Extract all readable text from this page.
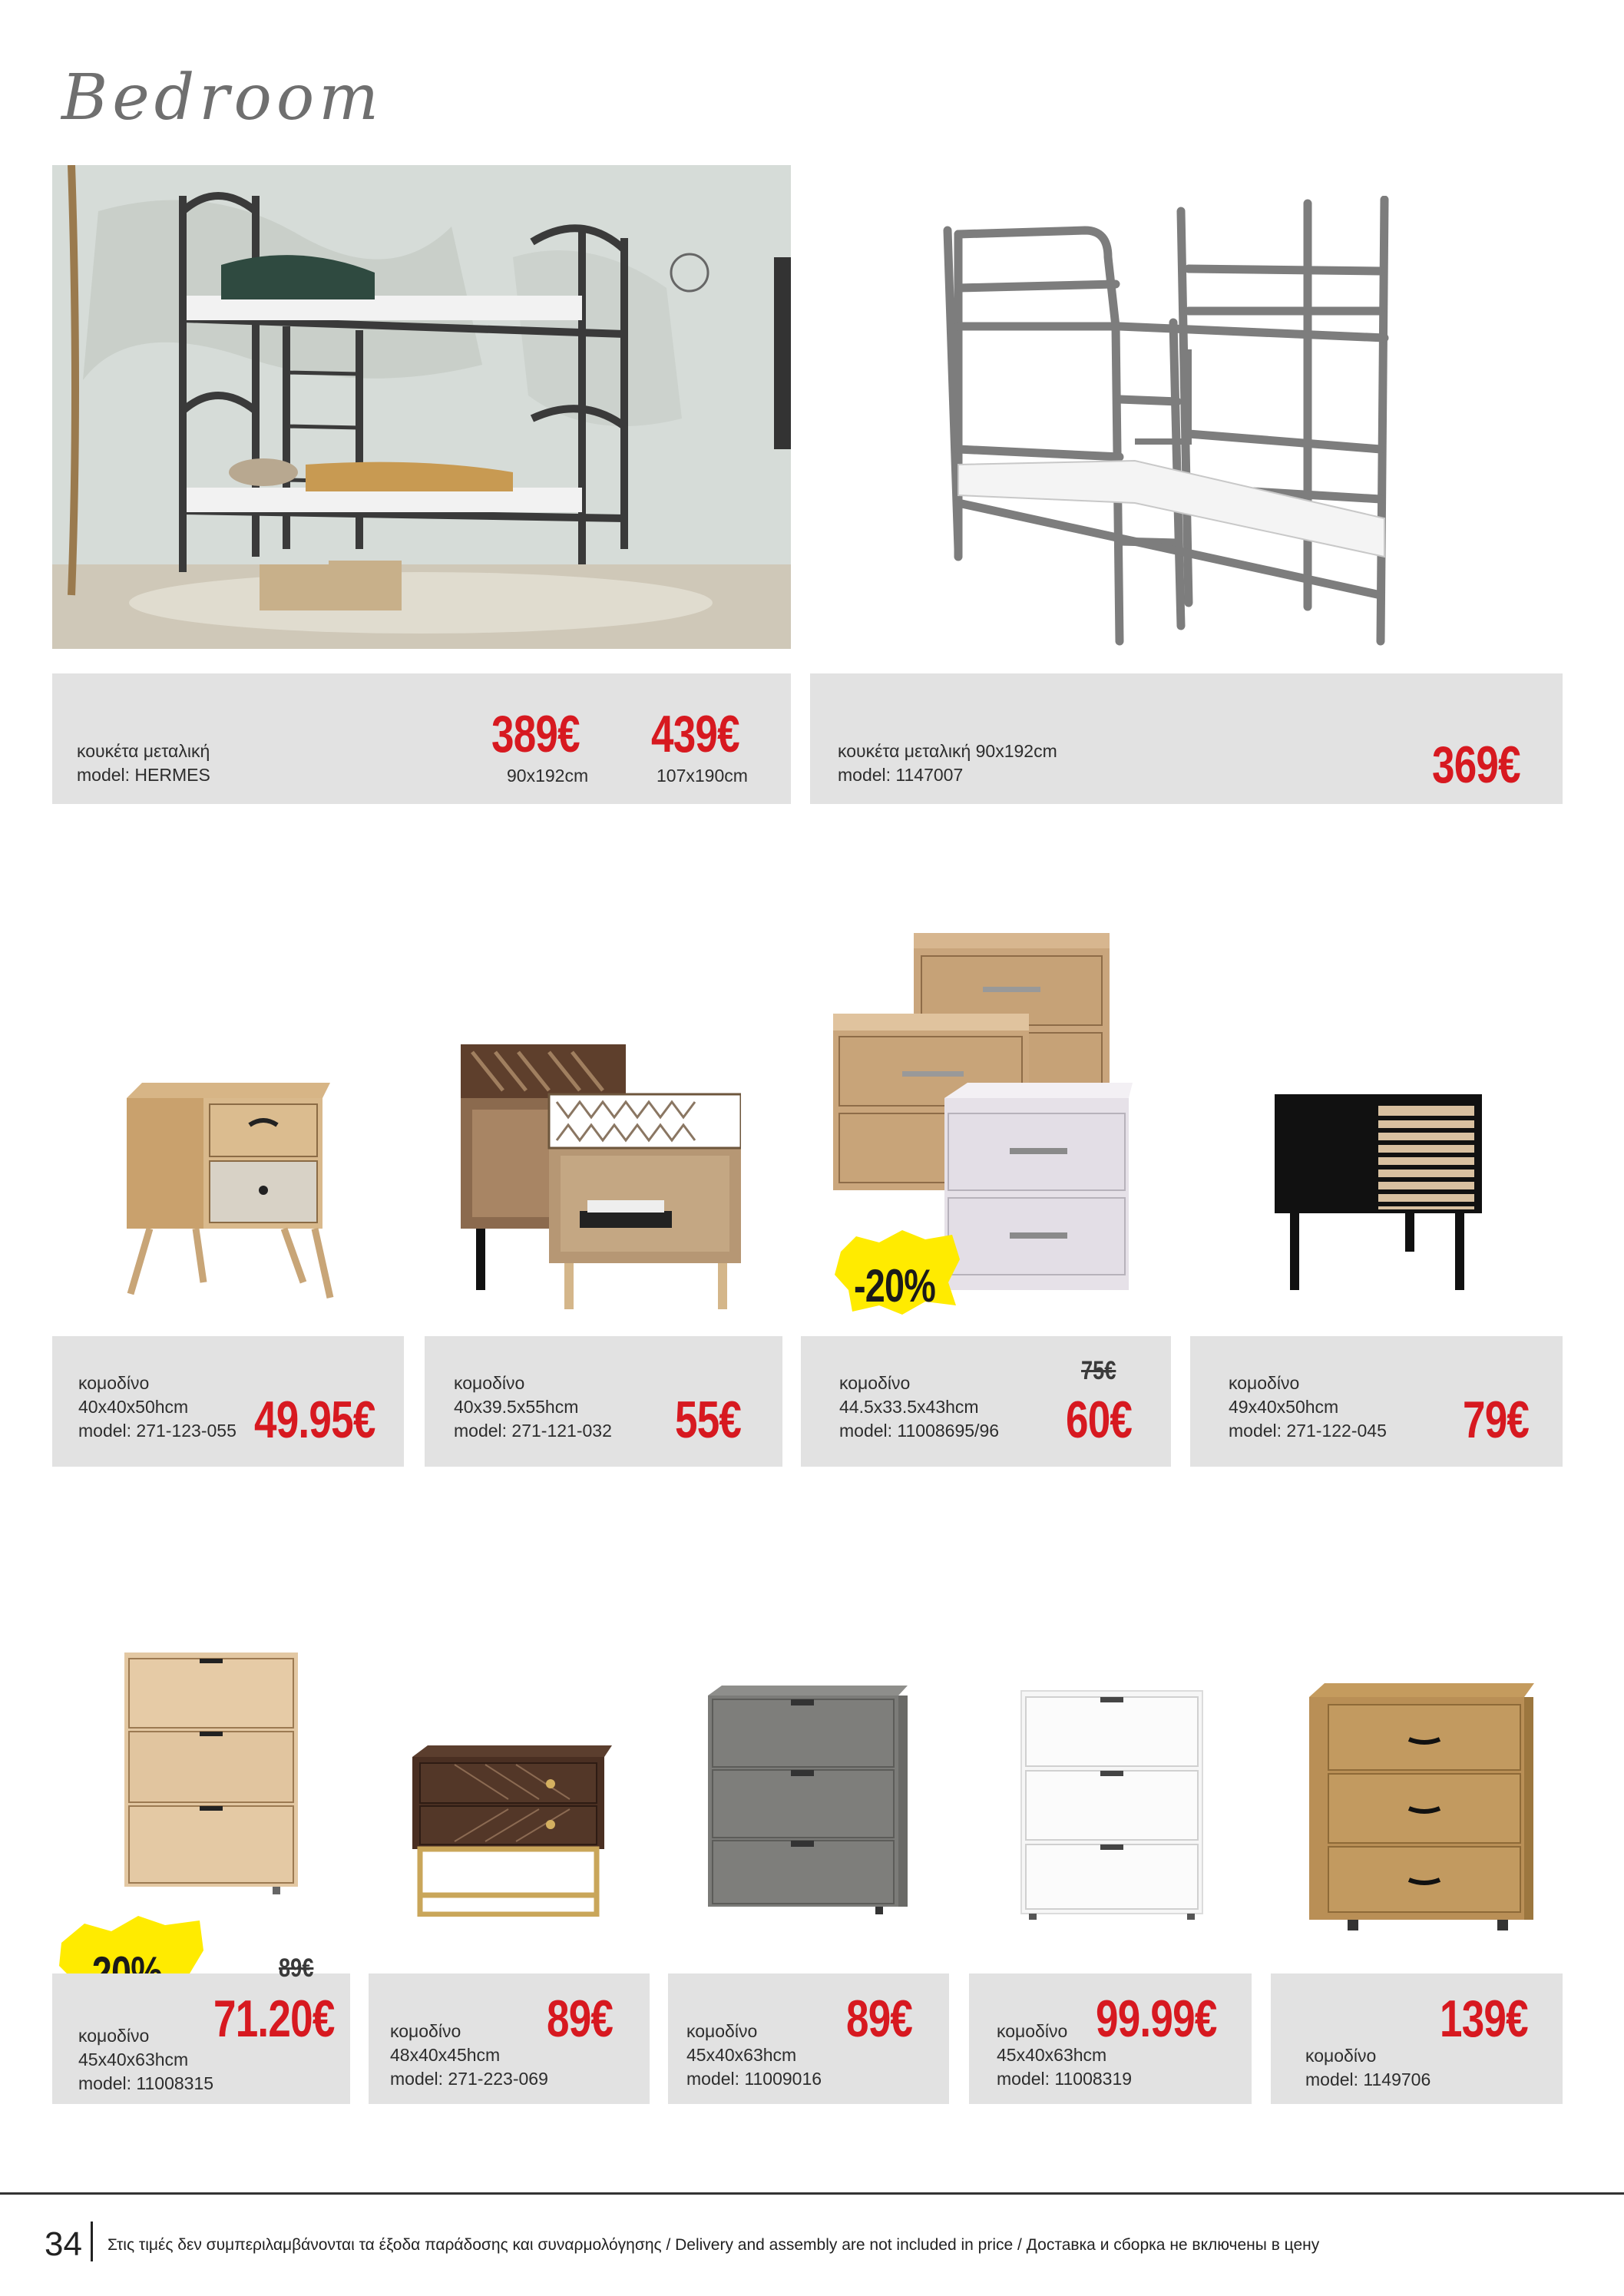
Bedroom
κουκέτα μεταλική
model: HERMES
389€
90x192cm
439€
107x190cm
κουκέτα μεταλική 90x192cm
model: 1147007	369€
-20%
κομοδίνο
40x40x50hcm
model: 271-123-055 49.95€
κομοδίνο
40x39.5x55hcm
model: 271-121-032 55€
κομοδίνο
44.5x33.5x43hcm
model: 11008695/96
75€
60€
κομοδίνο
49x40x50hcm
model: 271-122-045 79€
κομοδίνο
45x40x63hcm
model: 11008315
89€
71.20€	κομοδίνο
48x40x45hcm
model: 271-223-069
89€	κομοδίνο
45x40x63hcm
model: 11009016
89€	κομοδίνο
45x40x63hcm
model: 11008319
99.99€
κομοδίνο
model: 1149706
139€
34 Στις τιμές δεν συμπεριλαμβάνονται τα έξοδα παράδοσης και συναρμολόγησης / Delivery and assembly are not included in price / Доставка и сборка не включены в цену
